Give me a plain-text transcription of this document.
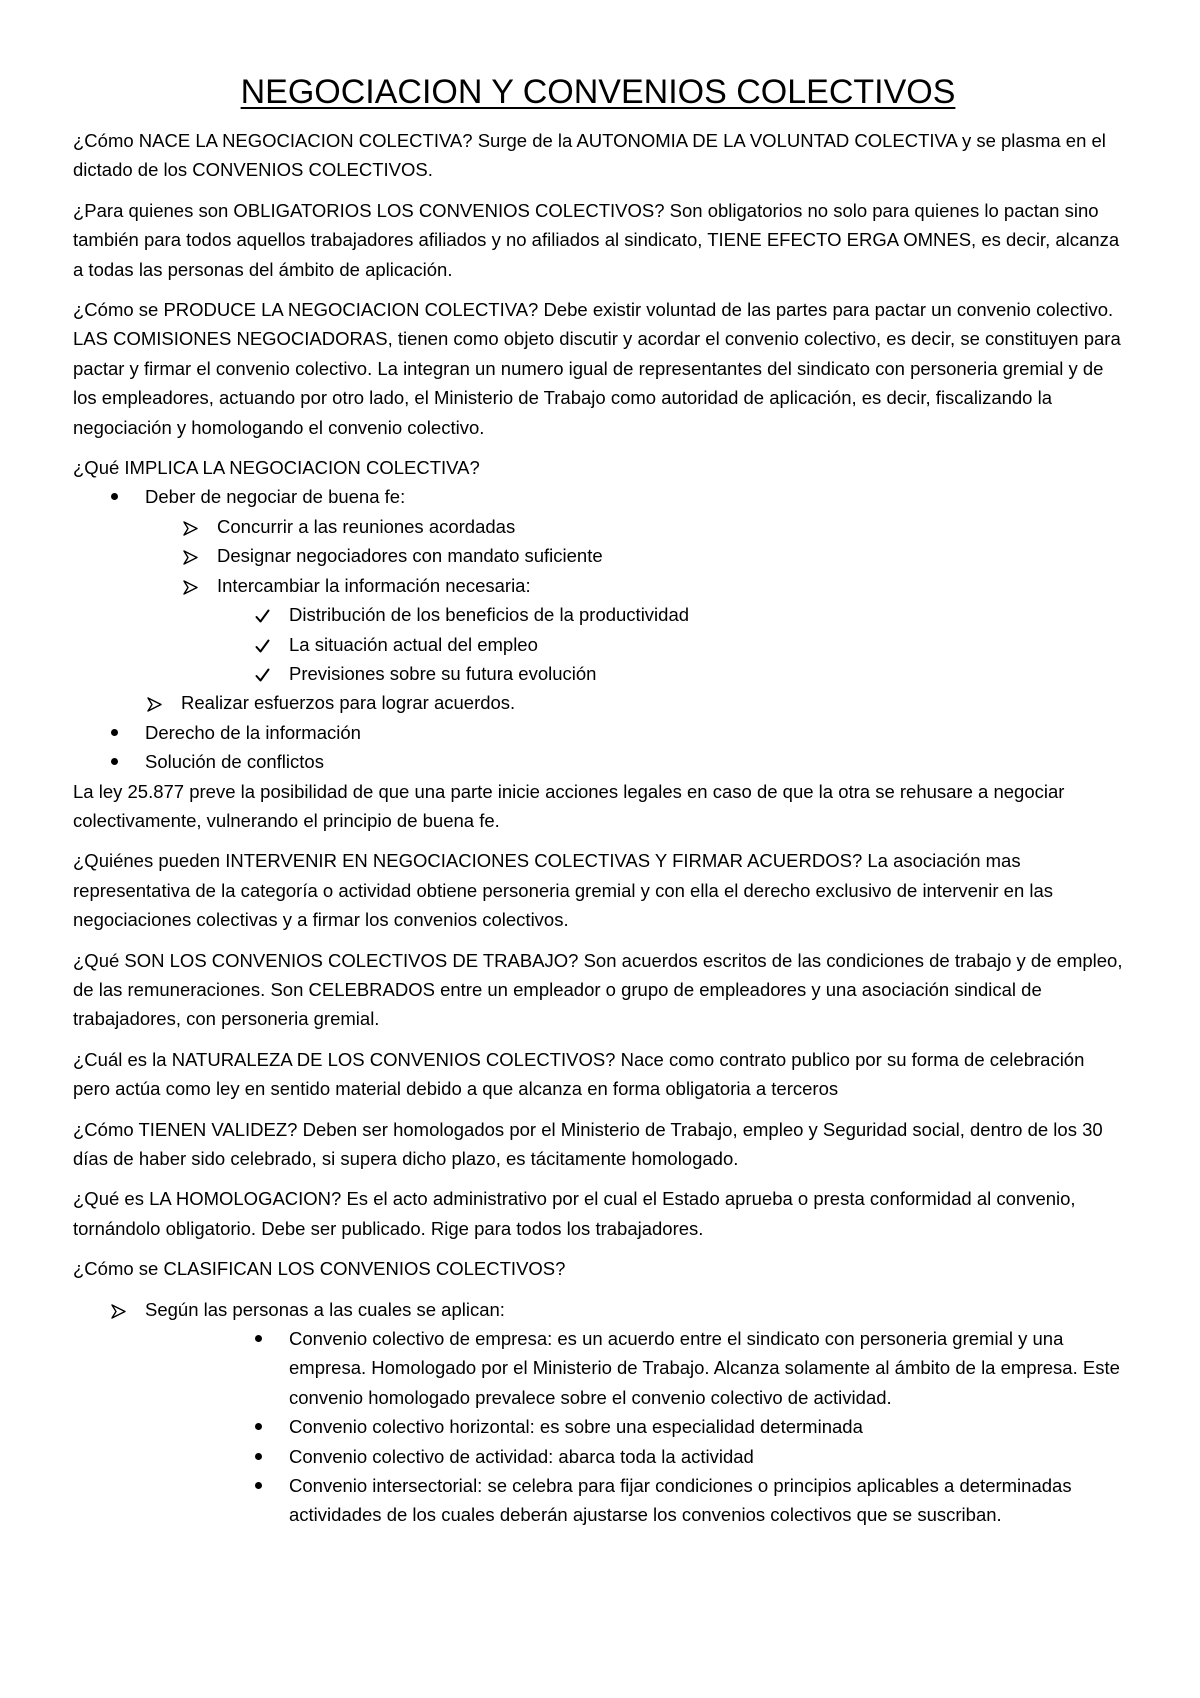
NEGOCIACION Y CONVENIOS COLECTIVOS

¿Cómo NACE LA NEGOCIACION COLECTIVA? Surge de la AUTONOMIA DE LA VOLUNTAD COLECTIVA y se plasma en el dictado de los CONVENIOS COLECTIVOS.

¿Para quienes son OBLIGATORIOS LOS CONVENIOS COLECTIVOS? Son obligatorios no solo para quienes lo pactan sino también para todos aquellos trabajadores afiliados y no afiliados al sindicato, TIENE EFECTO ERGA OMNES, es decir, alcanza a todas las personas del ámbito de aplicación.

¿Cómo se PRODUCE LA NEGOCIACION COLECTIVA? Debe existir voluntad de las partes para pactar un convenio colectivo. LAS COMISIONES NEGOCIADORAS, tienen como objeto discutir y acordar el convenio colectivo, es decir, se constituyen para pactar y firmar el convenio colectivo. La integran un numero igual de representantes del sindicato con personeria gremial y de los empleadores, actuando por otro lado, el Ministerio de Trabajo como autoridad de aplicación, es decir, fiscalizando la negociación y homologando el convenio colectivo.

¿Qué IMPLICA LA NEGOCIACION COLECTIVA?

Deber de negociar de buena fe:
Concurrir a las reuniones acordadas
Designar negociadores con mandato suficiente
Intercambiar la información necesaria:
Distribución de los beneficios de la productividad
La situación actual del empleo
Previsiones sobre su futura evolución
Realizar esfuerzos para lograr acuerdos.
Derecho de la información
Solución de conflictos

La ley 25.877 preve la posibilidad de que una parte inicie acciones legales en caso de que la otra se rehusare a negociar colectivamente, vulnerando el principio de buena fe.

¿Quiénes pueden INTERVENIR EN NEGOCIACIONES COLECTIVAS Y FIRMAR ACUERDOS? La asociación mas representativa de la categoría o actividad obtiene personeria gremial y con ella el derecho exclusivo de intervenir en las negociaciones colectivas y a firmar los convenios colectivos.

¿Qué SON LOS CONVENIOS COLECTIVOS DE TRABAJO? Son acuerdos escritos de las condiciones de trabajo y de empleo, de las remuneraciones. Son CELEBRADOS entre un empleador o grupo de empleadores y una asociación sindical de trabajadores, con personeria gremial.

¿Cuál es la NATURALEZA DE LOS CONVENIOS COLECTIVOS? Nace como contrato publico por su forma de celebración pero actúa como ley en sentido material debido a que alcanza en forma obligatoria a terceros

¿Cómo TIENEN VALIDEZ? Deben ser homologados por el Ministerio de Trabajo, empleo y Seguridad social, dentro de los 30 días de haber sido celebrado, si supera dicho plazo, es tácitamente homologado.

¿Qué es LA HOMOLOGACION? Es el acto administrativo por el cual el Estado aprueba o presta conformidad al convenio, tornándolo obligatorio. Debe ser publicado. Rige para todos los trabajadores.

¿Cómo se CLASIFICAN LOS CONVENIOS COLECTIVOS?

Según las personas a las cuales se aplican:
Convenio colectivo de empresa: es un acuerdo entre el sindicato con personeria gremial y una empresa. Homologado por el Ministerio de Trabajo. Alcanza solamente al ámbito de la empresa. Este convenio homologado prevalece sobre el convenio colectivo de actividad.
Convenio colectivo horizontal: es sobre una especialidad determinada
Convenio colectivo de actividad: abarca toda la actividad
Convenio intersectorial: se celebra para fijar condiciones o principios aplicables a determinadas actividades de los cuales deberán ajustarse los convenios colectivos que se suscriban.
